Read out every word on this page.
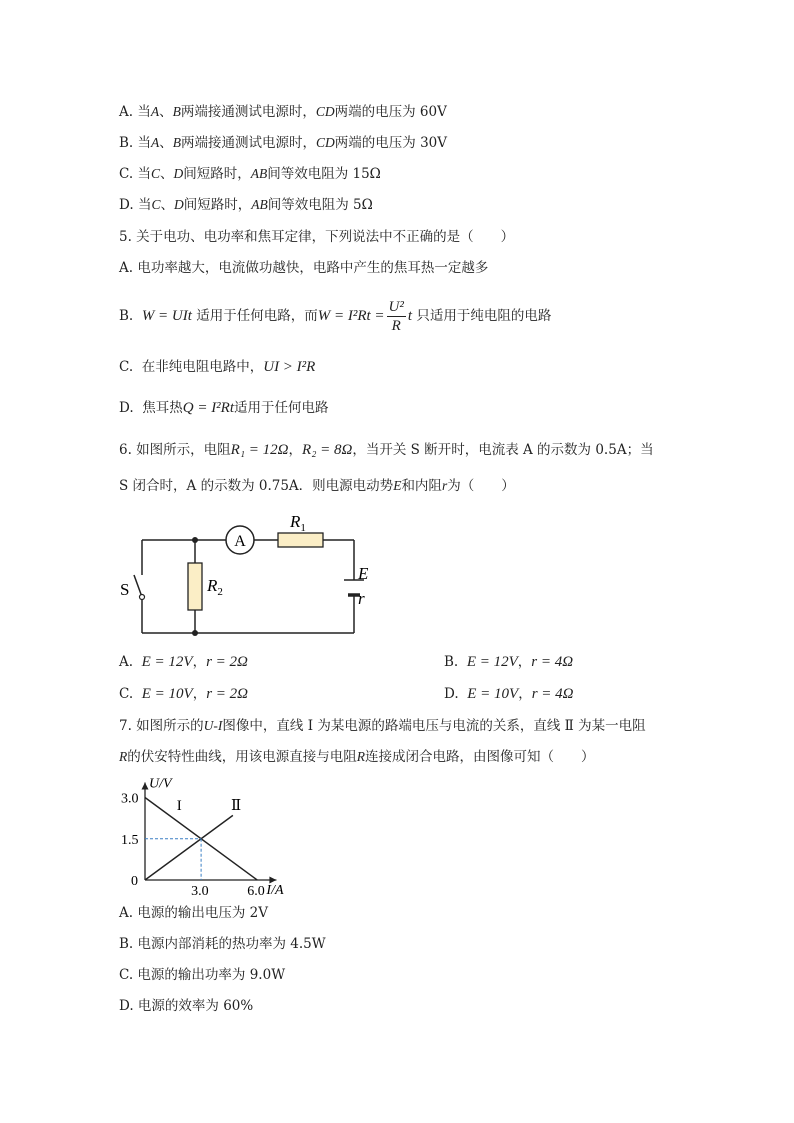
A. 当A、B两端接通测试电源时，CD两端的电压为 60V
B. 当A、B两端接通测试电源时，CD两端的电压为 30V
C. 当C、D间短路时，AB间等效电阻为 15Ω
D. 当C、D间短路时，AB间等效电阻为 5Ω
5. 关于电功、电功率和焦耳定律，下列说法中不正确的是（　　）
A. 电功率越大，电流做功越快，电路中产生的焦耳热一定越多
B. W = UIt 适用于任何电路，而$W = I^2Rt = \frac{\text{U²}}{R}$ t 只适用于纯电阻的电路
C. 在非纯电阻电路中，UI > I²R
D. 焦耳热Q = I²Rt适用于任何电路
6. 如图所示，电阻R₁ = 12Ω，R₂ = 8Ω，当开关 S 断开时，电流表 A 的示数为 0.5A；当
S 闭合时，A 的示数为 0.75A．则电源电动势E和内阻r为（　　）
A
$R_1$
$R_2$
S
E
r
A. E = 12V，r = 2Ω	B. E = 12V，r = 4Ω
C. E = 10V，r = 2Ω	D. E = 10V，r = 4Ω
7. 如图所示的U-I图像中，直线 I 为某电源的路端电压与电流的关系，直线 Ⅱ 为某一电阻
R的伏安特性曲线，用该电源直接与电阻R连接成闭合电路，由图像可知（　　）
U/V
I/A
3.0
1.5
0
3.0	6.0
I	Ⅱ
A. 电源的输出电压为 2V
B. 电源内部消耗的热功率为 4.5W
C. 电源的输出功率为 9.0W
D. 电源的效率为 60%
